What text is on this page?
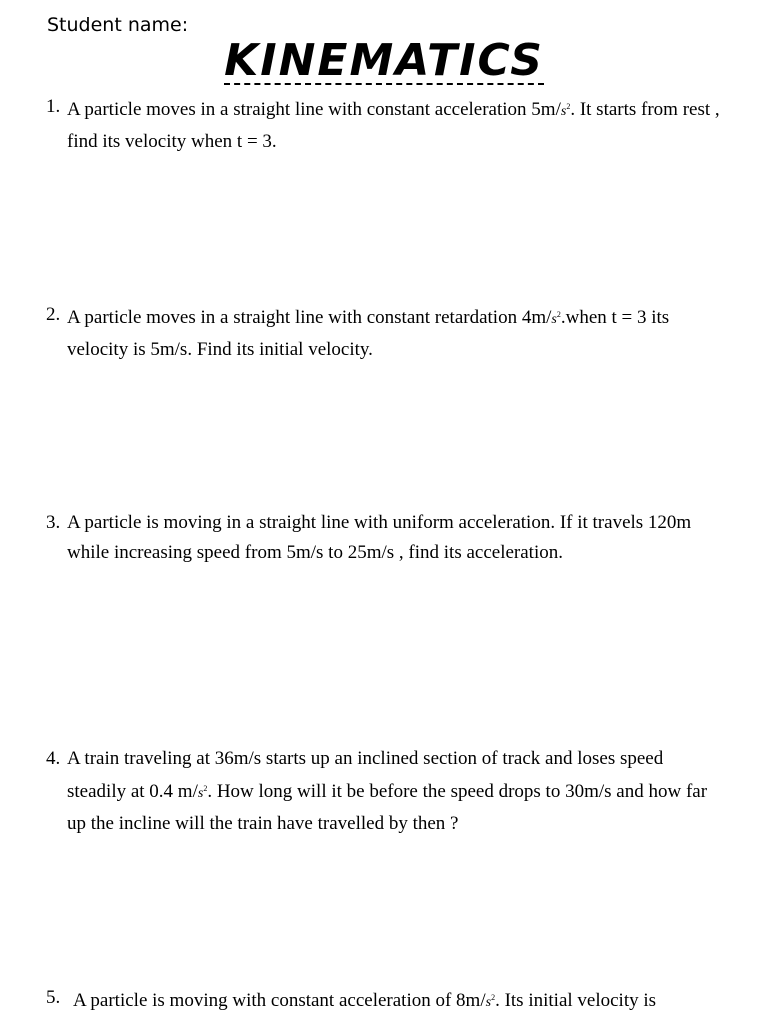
Student name:
KINEMATICS
1. A particle moves in a straight line with constant acceleration $5m/s^2$. It starts from rest , find its velocity when t = 3.
2. A particle moves in a straight line with constant retardation $4m/s^2.when$ t = 3 its velocity is 5m/s. Find its initial velocity.
3. A particle is moving in a straight line with uniform acceleration. If it travels 120m while increasing speed from 5m/s to 25m/s , find its acceleration.
4. A train traveling at 36m/s starts up an inclined section of track and loses speed steadily at 0.4 $m/s^2$. How long will it be before the speed drops to 30m/s and how far up the incline will the train have travelled by then ?
5. A particle is moving with constant acceleration of $8m/s^2$. Its initial velocity is
